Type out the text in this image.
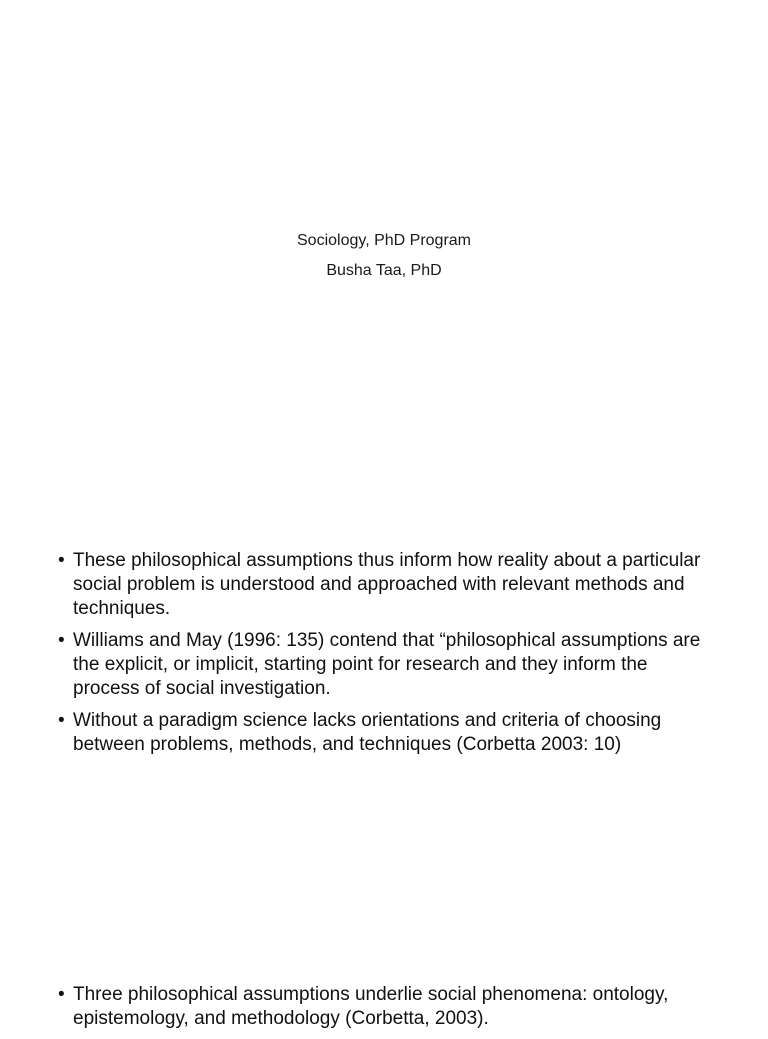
Sociology, PhD Program
Busha Taa, PhD
• These philosophical assumptions thus inform how reality about a particular social problem is understood and approached with relevant methods and techniques.
• Williams and May (1996: 135) contend that “philosophical assumptions are the explicit, or implicit, starting point for research and they inform the process of social investigation.
• Without a paradigm science lacks orientations and criteria of choosing between problems, methods, and techniques (Corbetta 2003: 10)
• Three philosophical assumptions underlie social phenomena: ontology, epistemology, and methodology (Corbetta, 2003).
